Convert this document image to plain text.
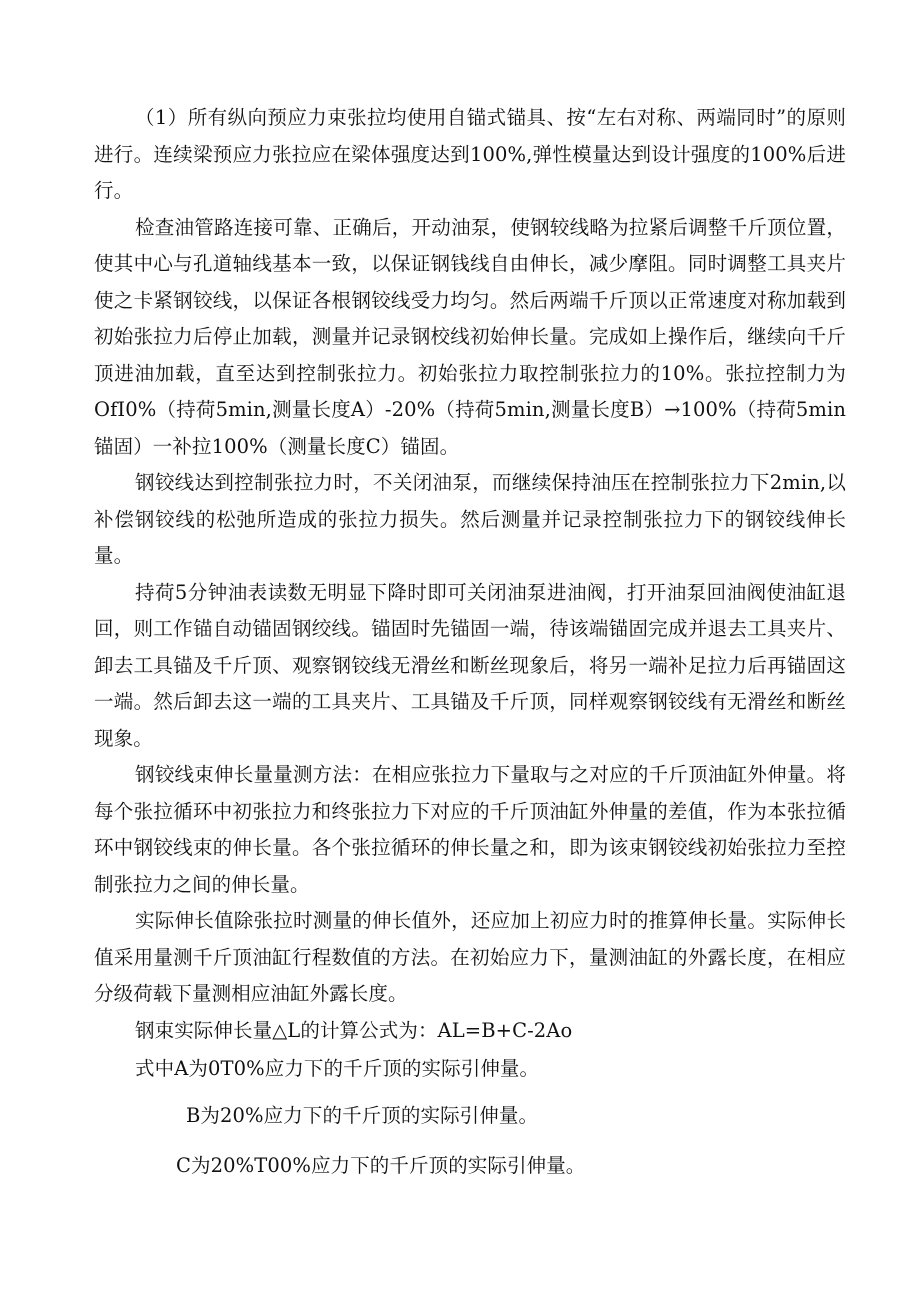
（1）所有纵向预应力束张拉均使用自锚式锚具、按“左右对称、两端同时”的原则进行。连续梁预应力张拉应在梁体强度达到100%,弹性模量达到设计强度的100%后进行。

检查油管路连接可靠、正确后，开动油泵，使钢较线略为拉紧后调整千斤顶位置，使其中心与孔道轴线基本一致，以保证钢钱线自由伸长，减少摩阻。同时调整工具夹片使之卡紧钢铰线，以保证各根钢铰线受力均匀。然后两端千斤顶以正常速度对称加载到初始张拉力后停止加载，测量并记录钢校线初始伸长量。完成如上操作后，继续向千斤顶进油加载，直至达到控制张拉力。初始张拉力取控制张拉力的10%。张拉控制力为OfI0%（持荷5min,测量长度A）-20%（持荷5min,测量长度B）→100%（持荷5min锚固）一补拉100%（测量长度C）锚固。

钢铰线达到控制张拉力时，不关闭油泵，而继续保持油压在控制张拉力下2min,以补偿钢铰线的松弛所造成的张拉力损失。然后测量并记录控制张拉力下的钢铰线伸长量。

持荷5分钟油表读数无明显下降时即可关闭油泵进油阀，打开油泵回油阀使油缸退回，则工作锚自动锚固钢绞线。锚固时先锚固一端，待该端锚固完成并退去工具夹片、卸去工具锚及千斤顶、观察钢铰线无滑丝和断丝现象后，将另一端补足拉力后再锚固这一端。然后卸去这一端的工具夹片、工具锚及千斤顶，同样观察钢铰线有无滑丝和断丝现象。

钢铰线束伸长量量测方法：在相应张拉力下量取与之对应的千斤顶油缸外伸量。将每个张拉循环中初张拉力和终张拉力下对应的千斤顶油缸外伸量的差值，作为本张拉循环中钢铰线束的伸长量。各个张拉循环的伸长量之和，即为该束钢铰线初始张拉力至控制张拉力之间的伸长量。

实际伸长值除张拉时测量的伸长值外，还应加上初应力时的推算伸长量。实际伸长值采用量测千斤顶油缸行程数值的方法。在初始应力下，量测油缸的外露长度，在相应分级荷载下量测相应油缸外露长度。

钢束实际伸长量△L的计算公式为：AL=B+C-2Ao

式中A为0T0%应力下的千斤顶的实际引伸量。

B为20%应力下的千斤顶的实际引伸量。

C为20%T00%应力下的千斤顶的实际引伸量。
